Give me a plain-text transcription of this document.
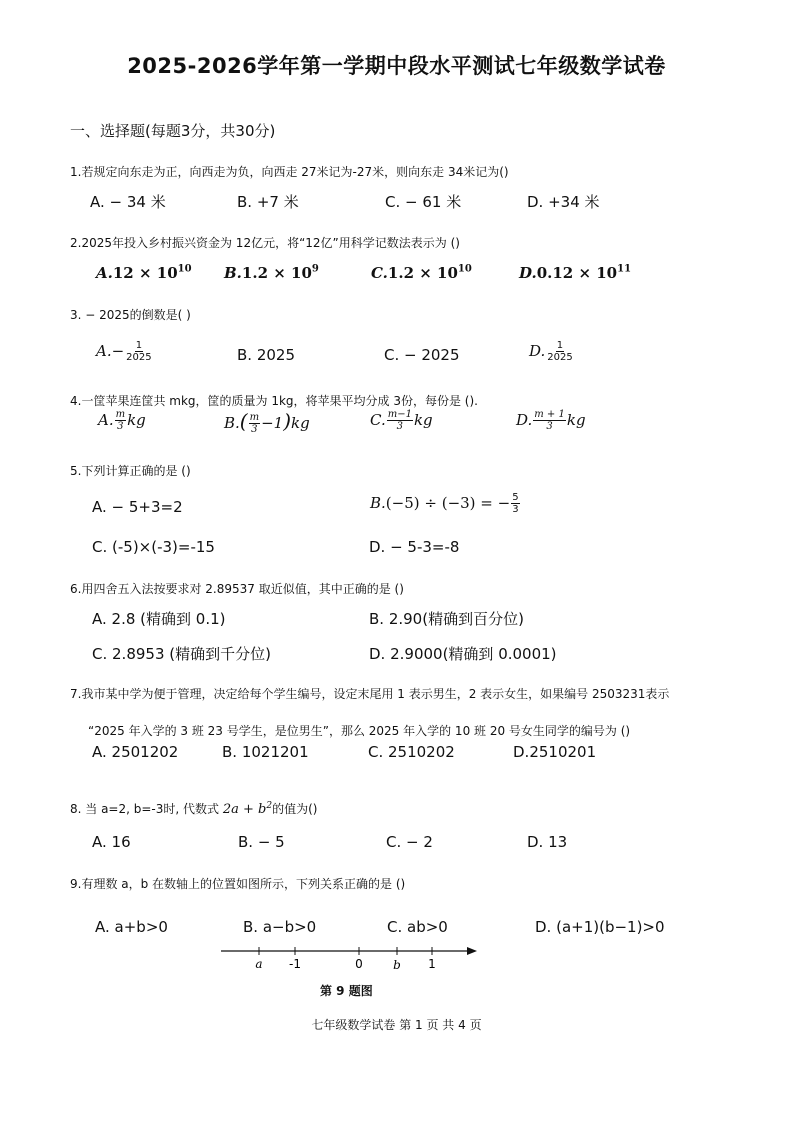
2025-2026学年第一学期中段水平测试七年级数学试卷
一、选择题(每题3分，共30分)
1.若规定向东走为正，向西走为负，向西走 27米记为-27米，则向东走 34米记为()
A. − 34 米	B. +7 米	C. − 61 米	D. +34 米
2.2025年投入乡村振兴资金为 12亿元，将“12亿”用科学记数法表示为 ()
$A.12 \times 10^{10}$ $B.1.2 \times 10^9$	$C.1.2 \times 10^{10}$	$D.0.12 \times 10^{11}$
3. − 2025的倒数是( )
$A.- \frac{1}{2025}$	B. 2025	C. − 2025	D. $\frac{1}{2025}$
4.一筐苹果连筐共 mkg，筐的质量为 1kg，将苹果平均分成 3份，每份是 ().
A. $\frac{m}{3}$ kg	$B.( \frac{m}{3} -1)kg$	C. $\frac{m-1}{3}$ kg	D. $\frac{m + 1}{3}$ kg
5.下列计算正确的是 ()
A. − 5+3=2	B.(−5) ÷ (−3) = − $\frac{5}{3}$
C. (-5)×(-3)=-15	D. − 5-3=-8
6.用四舍五入法按要求对 2.89537 取近似值，其中正确的是 ()
A. 2.8 (精确到 0.1)	B. 2.90(精确到百分位)
C. 2.8953 (精确到千分位)	D. 2.9000(精确到 0.0001)
7.我市某中学为便于管理，决定给每个学生编号，设定末尾用 1 表示男生，2 表示女生，如果编号 2503231表示
“2025 年入学的 3 班 23 号学生，是位男生”，那么 2025 年入学的 10 班 20 号女生同学的编号为 ()
A. 2501202	B. 1021201	C. 2510202	D.2510201
8. 当 a=2, b=-3时, 代数式 $2a + b^2$的值为()
A. 16	B. − 5	C. − 2	D. 13
9.有理数 a，b 在数轴上的位置如图所示，下列关系正确的是 ()
A. a+b>0	B. a−b>0	C. ab>0	D. (a+1)(b−1)>0
a -1	0	b 1
第 9 题图
七年级数学试卷 第 1 页 共 4 页
